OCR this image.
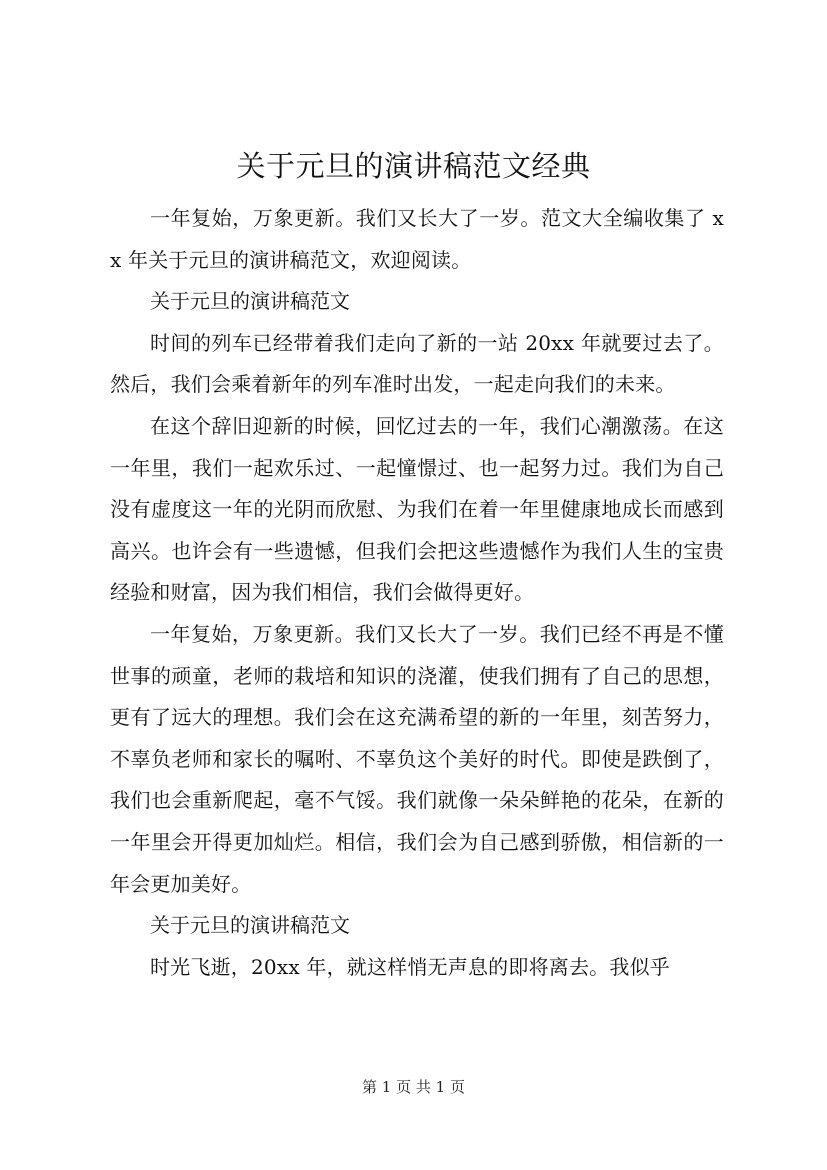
关于元旦的演讲稿范文经典

一年复始，万象更新。我们又长大了一岁。范文大全编收集了 xx 年关于元旦的演讲稿范文，欢迎阅读。

关于元旦的演讲稿范文

时间的列车已经带着我们走向了新的一站 20xx 年就要过去了。然后，我们会乘着新年的列车准时出发，一起走向我们的未来。

在这个辞旧迎新的时候，回忆过去的一年，我们心潮激荡。在这一年里，我们一起欢乐过、一起憧憬过、也一起努力过。我们为自己没有虚度这一年的光阴而欣慰、为我们在着一年里健康地成长而感到高兴。也许会有一些遗憾，但我们会把这些遗憾作为我们人生的宝贵经验和财富，因为我们相信，我们会做得更好。

一年复始，万象更新。我们又长大了一岁。我们已经不再是不懂世事的顽童，老师的栽培和知识的浇灌，使我们拥有了自己的思想，更有了远大的理想。我们会在这充满希望的新的一年里，刻苦努力，不辜负老师和家长的嘱咐、不辜负这个美好的时代。即使是跌倒了，我们也会重新爬起，毫不气馁。我们就像一朵朵鲜艳的花朵，在新的一年里会开得更加灿烂。相信，我们会为自己感到骄傲，相信新的一年会更加美好。

关于元旦的演讲稿范文

时光飞逝，20xx 年，就这样悄无声息的即将离去。我似乎

第 1 页 共 1 页
